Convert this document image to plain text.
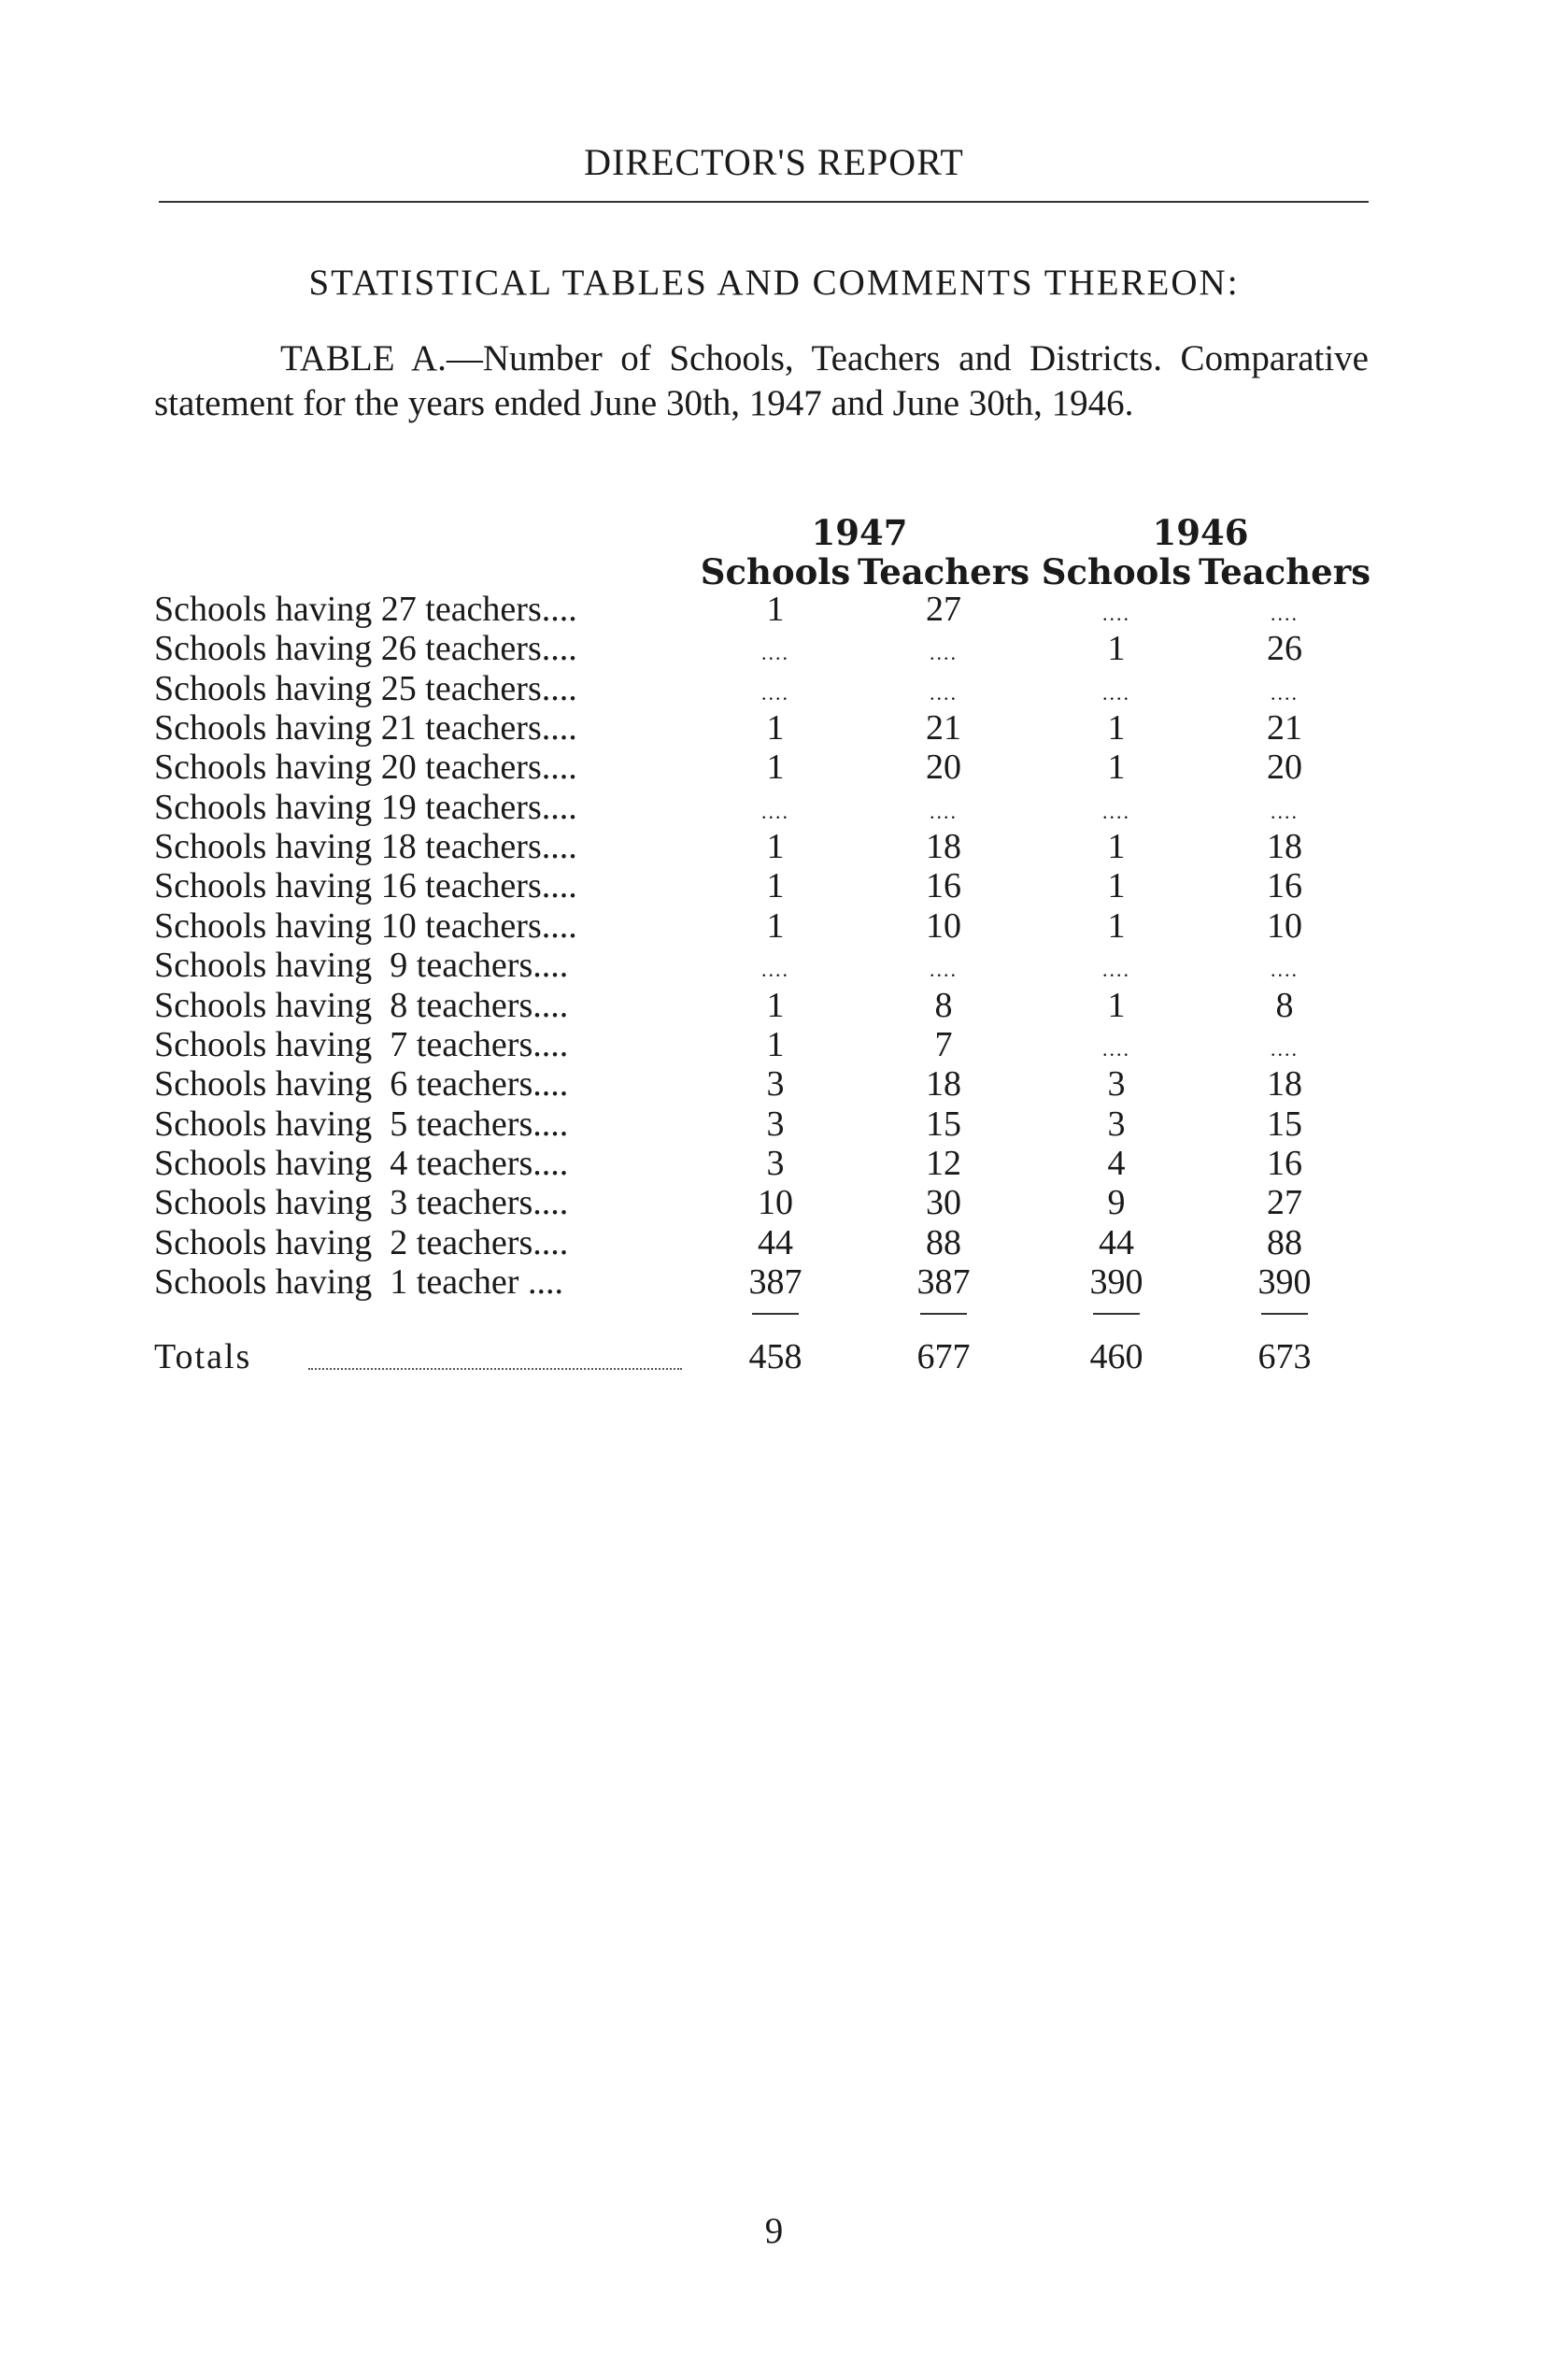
DIRECTOR'S REPORT
STATISTICAL TABLES AND COMMENTS THEREON:
TABLE A.—Number of Schools, Teachers and Districts. Comparative statement for the years ended June 30th, 1947 and June 30th, 1946.
1947	1946
Schools Teachers Schools Teachers
Schools having 27 teachers....	1	27	....	....
Schools having 26 teachers....	....	....	1	26
Schools having 25 teachers....	....	....	....	....
Schools having 21 teachers....	1	21	1	21
Schools having 20 teachers....	1	20	1	20
Schools having 19 teachers....	....	....	....	....
Schools having 18 teachers....	1	18	1	18
Schools having 16 teachers....	1	16	1	16
Schools having 10 teachers....	1	10	1	10
Schools having  9 teachers....	....	....	....	....
Schools having  8 teachers....	1	8	1	8
Schools having  7 teachers....	1	7	....	....
Schools having  6 teachers....	3	18	3	18
Schools having  5 teachers....	3	15	3	15
Schools having  4 teachers....	3	12	4	16
Schools having  3 teachers....	10	30	9	27
Schools having  2 teachers....	44	88	44	88
Schools having  1 teacher ....	387	387	390	390
Totals	458	677	460	673
9
